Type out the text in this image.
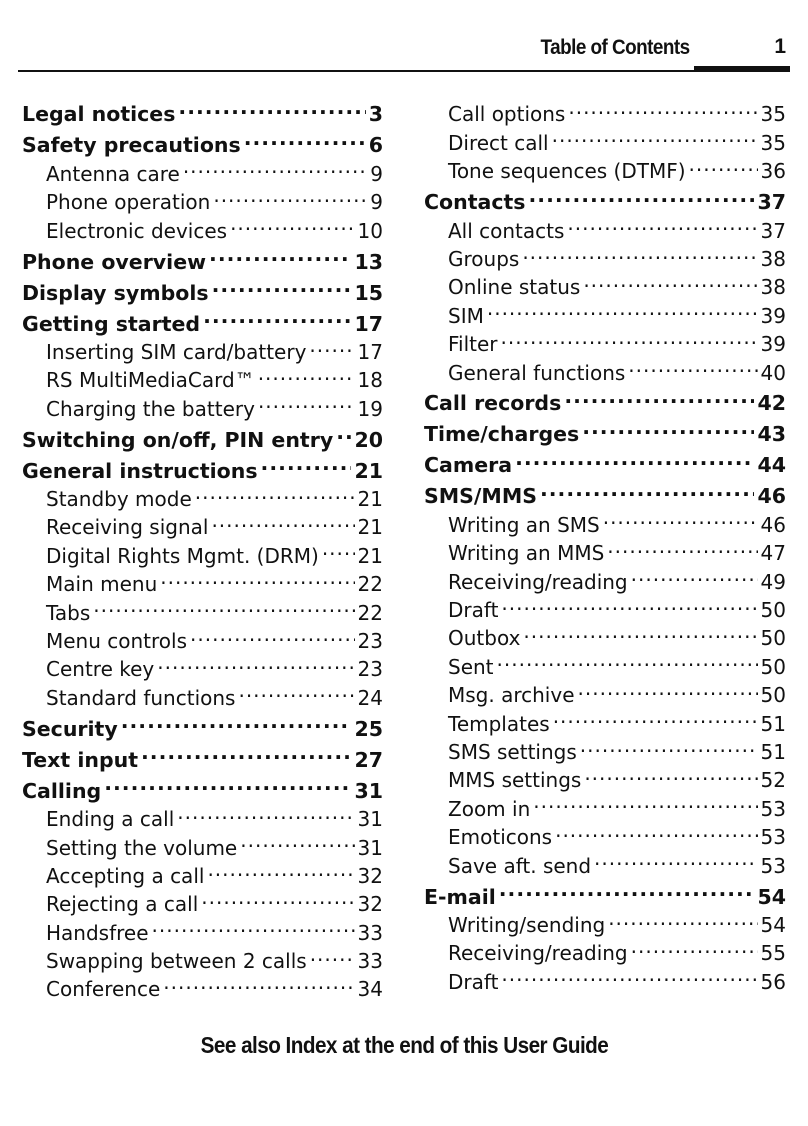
Table of Contents	1
Legal notices .....	3
Safety precautions .....	6
Antenna care .....	9
Phone operation .....	9
Electronic devices .....	10
Phone overview .....	13
Display symbols .....	15
Getting started .....	17
Inserting SIM card/battery .....	17
RS MultiMediaCard™ .....	18
Charging the battery .....	19
Switching on/off, PIN entry ..... 20
General instructions .....	21
Standby mode .....	21
Receiving signal .....	21
Digital Rights Mgmt. (DRM) ..... 21
Main menu .....	22
Tabs .....	22
Menu controls .....	23
Centre key .....	23
Standard functions .....	24
Security .....	25
Text input .....	27
Calling .....	31
Ending a call .....	31
Setting the volume .....	31
Accepting a call .....	32
Rejecting a call .....	32
Handsfree .....	33
Swapping between 2 calls .....	33
Conference .....	34
Call options .....	35
Direct call .....	35
Tone sequences (DTMF) .....	36
Contacts .....	37
All contacts .....	37
Groups .....	38
Online status .....	38
SIM .....	39
Filter .....	39
General functions .....	40
Call records .....	42
Time/charges .....	43
Camera .....	44
SMS/MMS .....	46
Writing an SMS .....	46
Writing an MMS .....	47
Receiving/reading .....	49
Draft .....	50
Outbox .....	50
Sent .....	50
Msg. archive .....	50
Templates .....	51
SMS settings .....	51
MMS settings .....	52
Zoom in .....	53
Emoticons .....	53
Save aft. send .....	53
E-mail .....	54
Writing/sending .....	54
Receiving/reading .....	55
Draft .....	56
See also Index at the end of this User Guide
